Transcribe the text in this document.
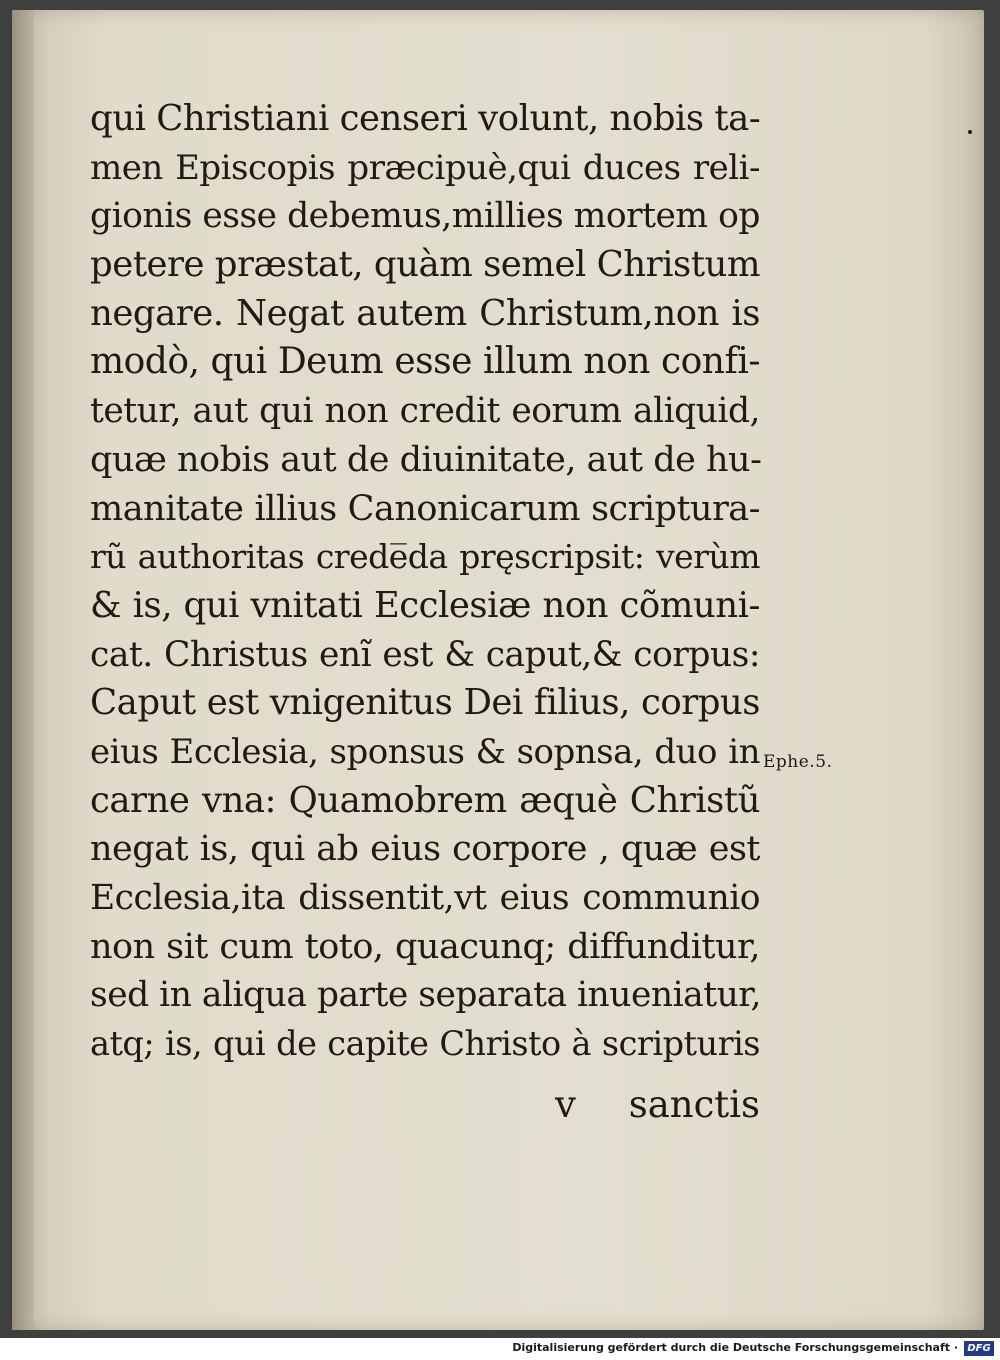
qui Christiani censeri volunt, nobis ta-
men Episcopis præcipuè,qui duces reli-
gionis esse debemus,millies mortem op
petere præstat, quàm semel Christum
negare. Negat autem Christum,non is
modò, qui Deum esse illum non confi-
tetur, aut qui non credit eorum aliquid,
quæ nobis aut de diuinitate, aut de hu-
manitate illius Canonicarum scriptura-
rũ authoritas crede̅da pręscripsit: verùm
& is, qui vnitati Ecclesiæ non cõmuni-
cat. Christus enĩ est & caput,& corpus:
Caput est vnigenitus Dei filius, corpus
eius Ecclesia, sponsus & sopnsa, duo in
carne vna: Quamobrem æquè Christũ
negat is, qui ab eius corpore , quæ est
Ecclesia,ita dissentit,vt eius communio
non sit cum toto, quacunq; diffunditur,
sed in aliqua parte separata inueniatur,
atq; is, qui de capite Christo à scripturis
v sanctis
Ephe.5.
Digitalisierung gefördert durch die Deutsche Forschungsgemeinschaft · DFG
